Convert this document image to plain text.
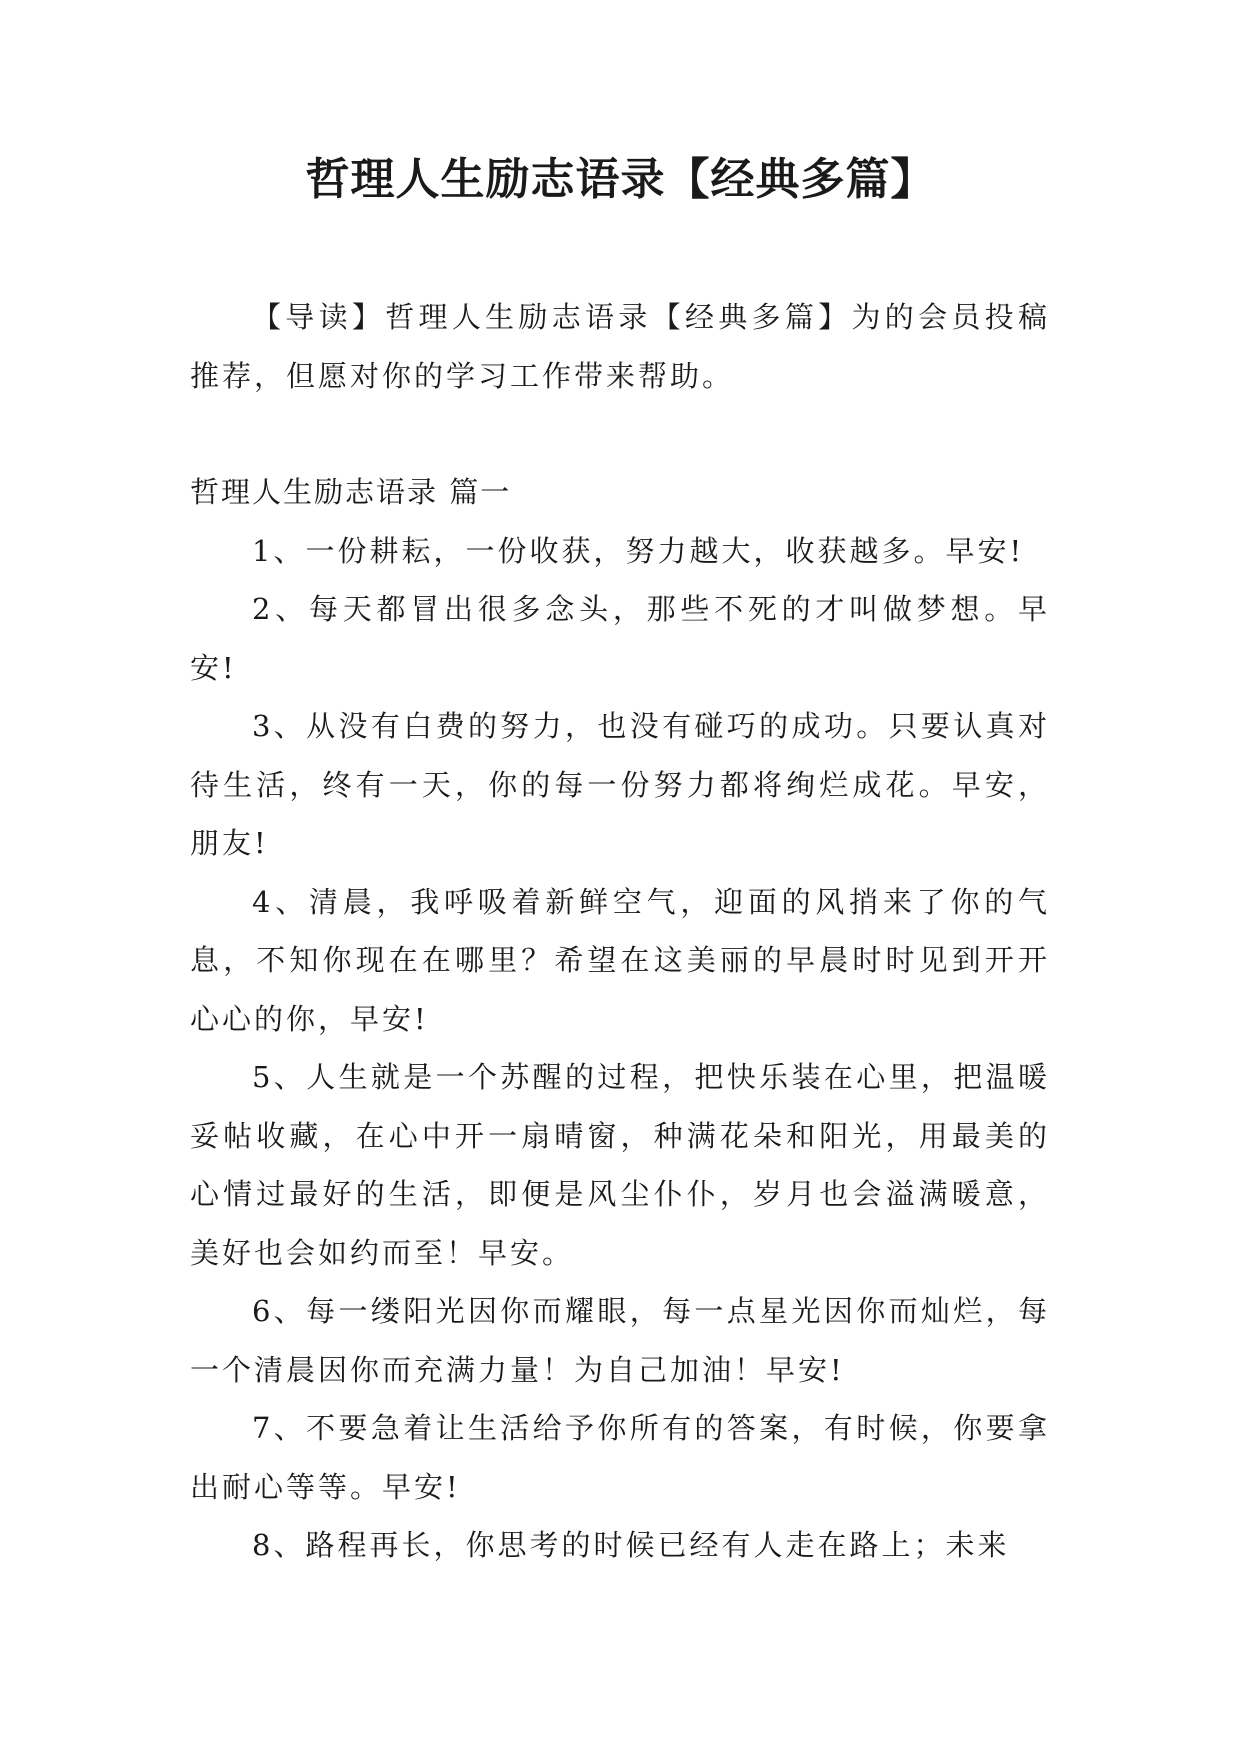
哲理人生励志语录【经典多篇】

【导读】哲理人生励志语录【经典多篇】为的会员投稿推荐，但愿对你的学习工作带来帮助。

哲理人生励志语录 篇一

1、一份耕耘，一份收获，努力越大，收获越多。早安!

2、每天都冒出很多念头，那些不死的才叫做梦想。早安!

3、从没有白费的努力，也没有碰巧的成功。只要认真对待生活，终有一天，你的每一份努力都将绚烂成花。早安，朋友!

4、清晨，我呼吸着新鲜空气，迎面的风捎来了你的气息，不知你现在在哪里？希望在这美丽的早晨时时见到开开心心的你，早安!

5、人生就是一个苏醒的过程，把快乐装在心里，把温暖妥帖收藏，在心中开一扇晴窗，种满花朵和阳光，用最美的心情过最好的生活，即便是风尘仆仆，岁月也会溢满暖意，美好也会如约而至！早安。

6、每一缕阳光因你而耀眼，每一点星光因你而灿烂，每一个清晨因你而充满力量！为自己加油！早安!

7、不要急着让生活给予你所有的答案，有时候，你要拿出耐心等等。早安!

8、路程再长，你思考的时候已经有人走在路上；未来
